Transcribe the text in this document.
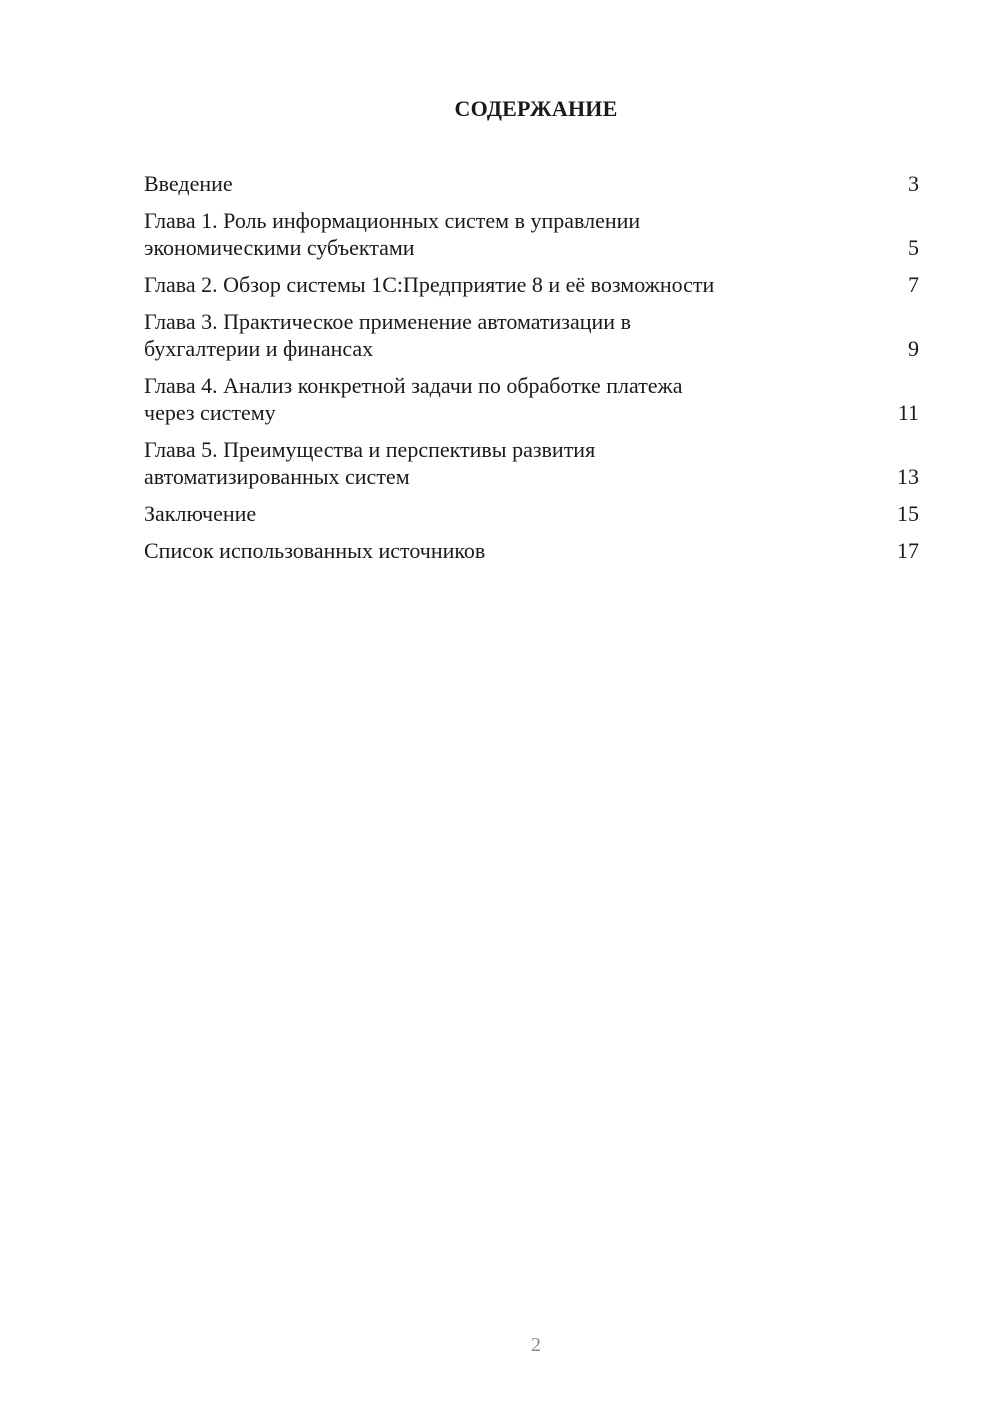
СОДЕРЖАНИЕ
Введение	3
Глава 1. Роль информационных систем в управлении
экономическими субъектами	5
Глава 2. Обзор системы 1С:Предприятие 8 и её возможности	7
Глава 3. Практическое применение автоматизации в
бухгалтерии и финансах	9
Глава 4. Анализ конкретной задачи по обработке платежа
через систему	11
Глава 5. Преимущества и перспективы развития
автоматизированных систем	13
Заключение	15
Список использованных источников	17
2
